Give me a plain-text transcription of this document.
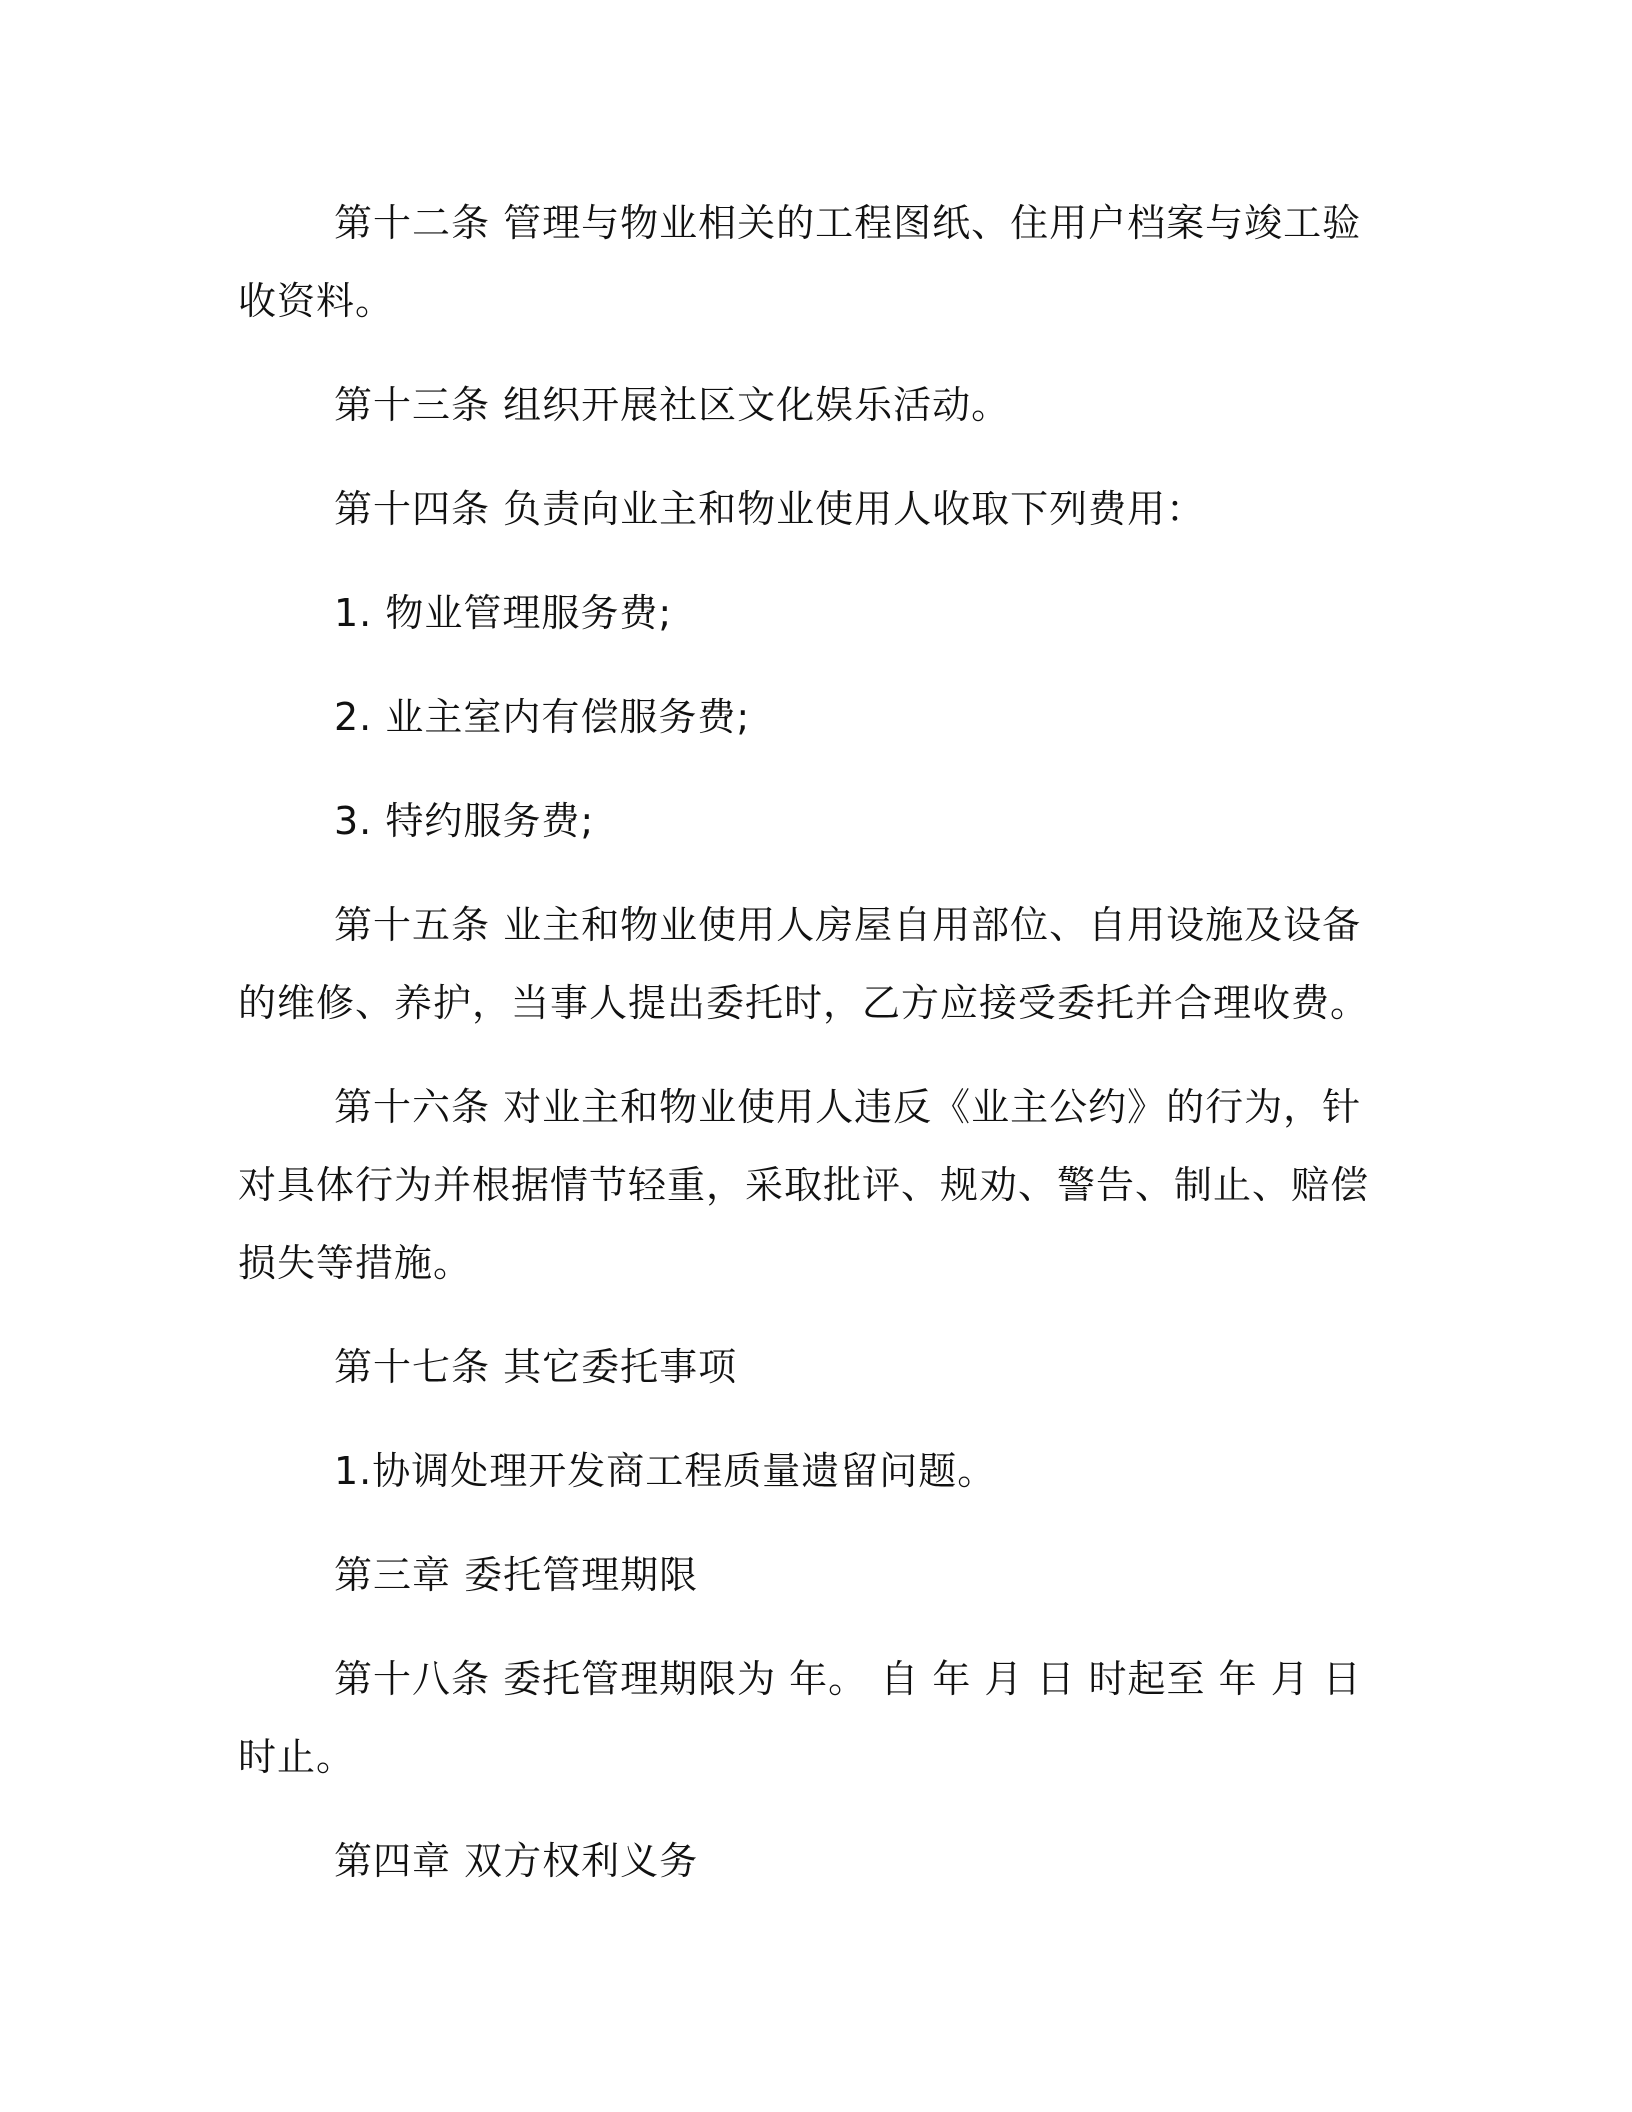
第十二条 管理与物业相关的工程图纸、住用户档案与竣工验收资料。

第十三条 组织开展社区文化娱乐活动。

第十四条 负责向业主和物业使用人收取下列费用：

1. 物业管理服务费;

2. 业主室内有偿服务费;

3. 特约服务费;

第十五条 业主和物业使用人房屋自用部位、自用设施及设备的维修、养护，当事人提出委托时，乙方应接受委托并合理收费。

第十六条 对业主和物业使用人违反《业主公约》的行为，针对具体行为并根据情节轻重，采取批评、规劝、警告、制止、赔偿损失等措施。

第十七条 其它委托事项

1.协调处理开发商工程质量遗留问题。

第三章 委托管理期限

第十八条 委托管理期限为 年。 自 年 月 日 时起至 年 月 日 时止。

第四章 双方权利义务
